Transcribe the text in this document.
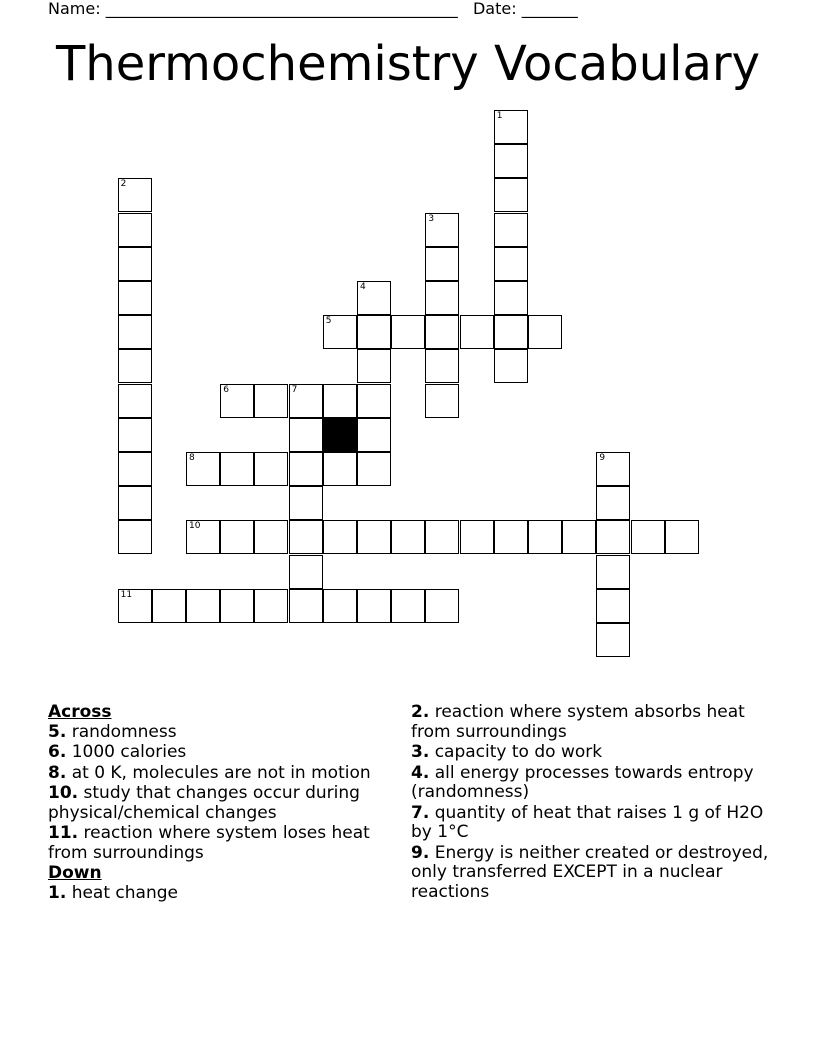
Name: ____________________________________________ Date: _______
Thermochemistry Vocabulary
1
2
3
4
5
6	7
8	9
10
11
Across
5. randomness
6. 1000 calories
8. at 0 K, molecules are not in motion
10. study that changes occur during physical/chemical changes
11. reaction where system loses heat from surroundings
Down
1. heat change
2. reaction where system absorbs heat from surroundings
3. capacity to do work
4. all energy processes towards entropy (randomness)
7. quantity of heat that raises 1 g of H2O by 1°C
9. Energy is neither created or destroyed, only transferred EXCEPT in a nuclear reactions
